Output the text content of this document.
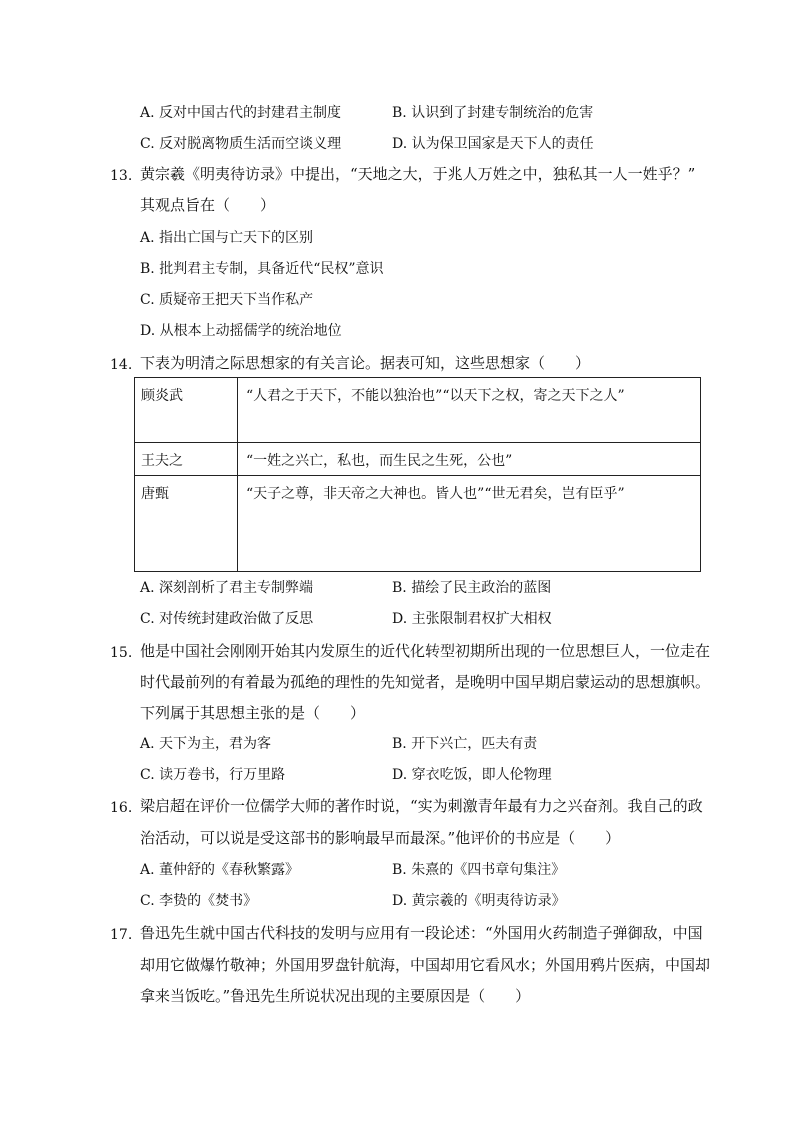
A. 反对中国古代的封建君主制度	B. 认识到了封建专制统治的危害
C. 反对脱离物质生活而空谈义理	D. 认为保卫国家是天下人的责任
13. 黄宗羲《明夷待访录》中提出，“天地之大，于兆人万姓之中，独私其一人一姓乎？”
其观点旨在（　　）
A. 指出亡国与亡天下的区别
B. 批判君主专制，具备近代“民权”意识
C. 质疑帝王把天下当作私产
D. 从根本上动摇儒学的统治地位
14. 下表为明清之际思想家的有关言论。据表可知，这些思想家（　　）
顾炎武	“人君之于天下，不能以独治也”“以天下之权，寄之天下之人”
王夫之	“一姓之兴亡，私也，而生民之生死，公也”
唐甄	“天子之尊，非天帝之大神也。皆人也”“世无君矣，岂有臣乎”
A. 深刻剖析了君主专制弊端	B. 描绘了民主政治的蓝图
C. 对传统封建政治做了反思	D. 主张限制君权扩大相权
15. 他是中国社会刚刚开始其内发原生的近代化转型初期所出现的一位思想巨人，一位走在
时代最前列的有着最为孤绝的理性的先知觉者，是晚明中国早期启蒙运动的思想旗帜。
下列属于其思想主张的是（　　）
A. 天下为主，君为客	B. 开下兴亡，匹夫有责
C. 读万卷书，行万里路	D. 穿衣吃饭，即人伦物理
16. 梁启超在评价一位儒学大师的著作时说，“实为刺激青年最有力之兴奋剂。我自己的政
治活动，可以说是受这部书的影响最早而最深。”他评价的书应是（　　）
A. 董仲舒的《春秋繁露》	B. 朱熹的《四书章句集注》
C. 李贽的《焚书》	D. 黄宗羲的《明夷待访录》
17. 鲁迅先生就中国古代科技的发明与应用有一段论述：“外国用火药制造子弹御敌，中国
却用它做爆竹敬神；外国用罗盘针航海，中国却用它看风水；外国用鸦片医病，中国却
拿来当饭吃。”鲁迅先生所说状况出现的主要原因是（　　）
